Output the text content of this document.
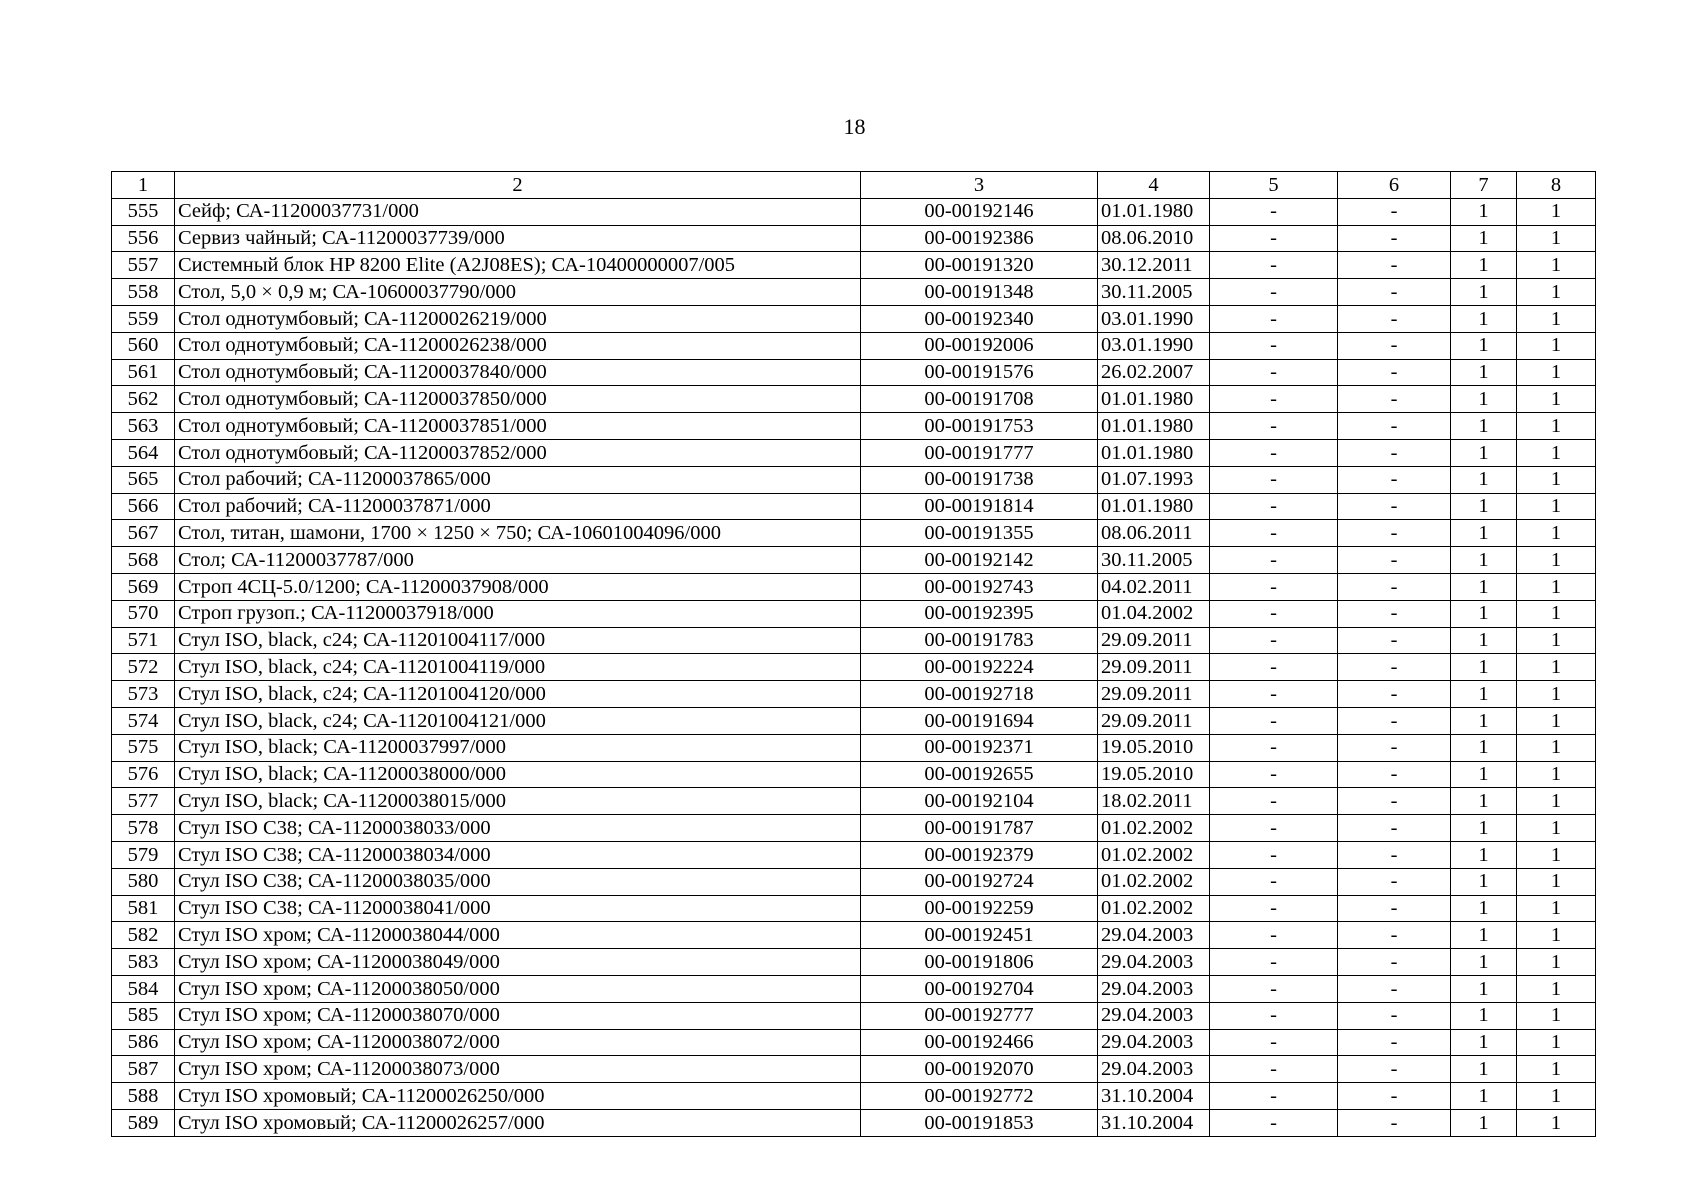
18
1	2	3	4	5	6	7	8
555	Сейф; СА-11200037731/000	00-00192146	01.01.1980	-	-	1	1
556	Сервиз чайный; СА-11200037739/000	00-00192386	08.06.2010	-	-	1	1
557	Системный блок HP 8200 Elite (A2J08ES); СА-10400000007/005	00-00191320	30.12.2011	-	-	1	1
558	Стол, 5,0 × 0,9 м; СА-10600037790/000	00-00191348	30.11.2005	-	-	1	1
559	Стол однотумбовый; СА-11200026219/000	00-00192340	03.01.1990	-	-	1	1
560	Стол однотумбовый; СА-11200026238/000	00-00192006	03.01.1990	-	-	1	1
561	Стол однотумбовый; СА-11200037840/000	00-00191576	26.02.2007	-	-	1	1
562	Стол однотумбовый; СА-11200037850/000	00-00191708	01.01.1980	-	-	1	1
563	Стол однотумбовый; СА-11200037851/000	00-00191753	01.01.1980	-	-	1	1
564	Стол однотумбовый; СА-11200037852/000	00-00191777	01.01.1980	-	-	1	1
565	Стол рабочий; СА-11200037865/000	00-00191738	01.07.1993	-	-	1	1
566	Стол рабочий; СА-11200037871/000	00-00191814	01.01.1980	-	-	1	1
567	Стол, титан, шамони, 1700 × 1250 × 750; СА-10601004096/000	00-00191355	08.06.2011	-	-	1	1
568	Стол; СА-11200037787/000	00-00192142	30.11.2005	-	-	1	1
569	Строп 4СЦ-5.0/1200; СА-11200037908/000	00-00192743	04.02.2011	-	-	1	1
570	Строп грузоп.; СА-11200037918/000	00-00192395	01.04.2002	-	-	1	1
571	Стул ISO, black, c24; СА-11201004117/000	00-00191783	29.09.2011	-	-	1	1
572	Стул ISO, black, c24; СА-11201004119/000	00-00192224	29.09.2011	-	-	1	1
573	Стул ISO, black, c24; СА-11201004120/000	00-00192718	29.09.2011	-	-	1	1
574	Стул ISO, black, c24; СА-11201004121/000	00-00191694	29.09.2011	-	-	1	1
575	Стул ISO, black; СА-11200037997/000	00-00192371	19.05.2010	-	-	1	1
576	Стул ISO, black; СА-11200038000/000	00-00192655	19.05.2010	-	-	1	1
577	Стул ISO, black; СА-11200038015/000	00-00192104	18.02.2011	-	-	1	1
578	Стул ISO C38; СА-11200038033/000	00-00191787	01.02.2002	-	-	1	1
579	Стул ISO C38; СА-11200038034/000	00-00192379	01.02.2002	-	-	1	1
580	Стул ISO C38; СА-11200038035/000	00-00192724	01.02.2002	-	-	1	1
581	Стул ISO C38; СА-11200038041/000	00-00192259	01.02.2002	-	-	1	1
582	Стул ISO хром; СА-11200038044/000	00-00192451	29.04.2003	-	-	1	1
583	Стул ISO хром; СА-11200038049/000	00-00191806	29.04.2003	-	-	1	1
584	Стул ISO хром; СА-11200038050/000	00-00192704	29.04.2003	-	-	1	1
585	Стул ISO хром; СА-11200038070/000	00-00192777	29.04.2003	-	-	1	1
586	Стул ISO хром; СА-11200038072/000	00-00192466	29.04.2003	-	-	1	1
587	Стул ISO хром; СА-11200038073/000	00-00192070	29.04.2003	-	-	1	1
588	Стул ISO хромовый; СА-11200026250/000	00-00192772	31.10.2004	-	-	1	1
589	Стул ISO хромовый; СА-11200026257/000	00-00191853	31.10.2004	-	-	1	1
